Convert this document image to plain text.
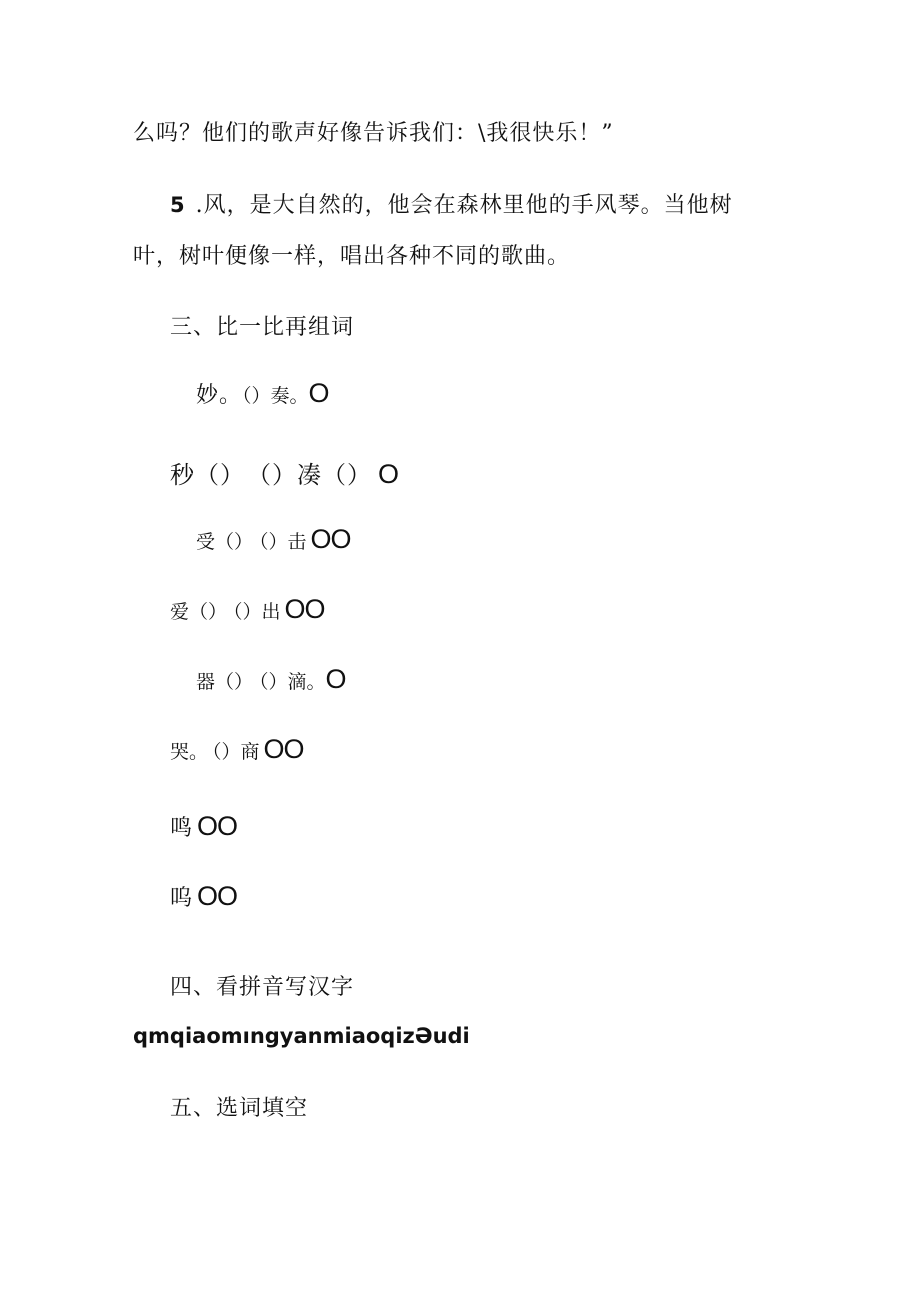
么吗？他们的歌声好像告诉我们：\我很快乐！”
5 .风，是大自然的，他会在森林里他的手风琴。当他树
叶，树叶便像一样，唱出各种不同的歌曲。
三、比一比再组词
妙。（）奏。O
秒（） （）凑（） O
受（） （）击 OO
爱（） （）出 OO
器（） （）滴。O
哭。 （）商 OO
鸣 OO
呜 OO
四、看拼音写汉字
qmqiaomıngyanmiaoqizƏudi
五、选词填空
